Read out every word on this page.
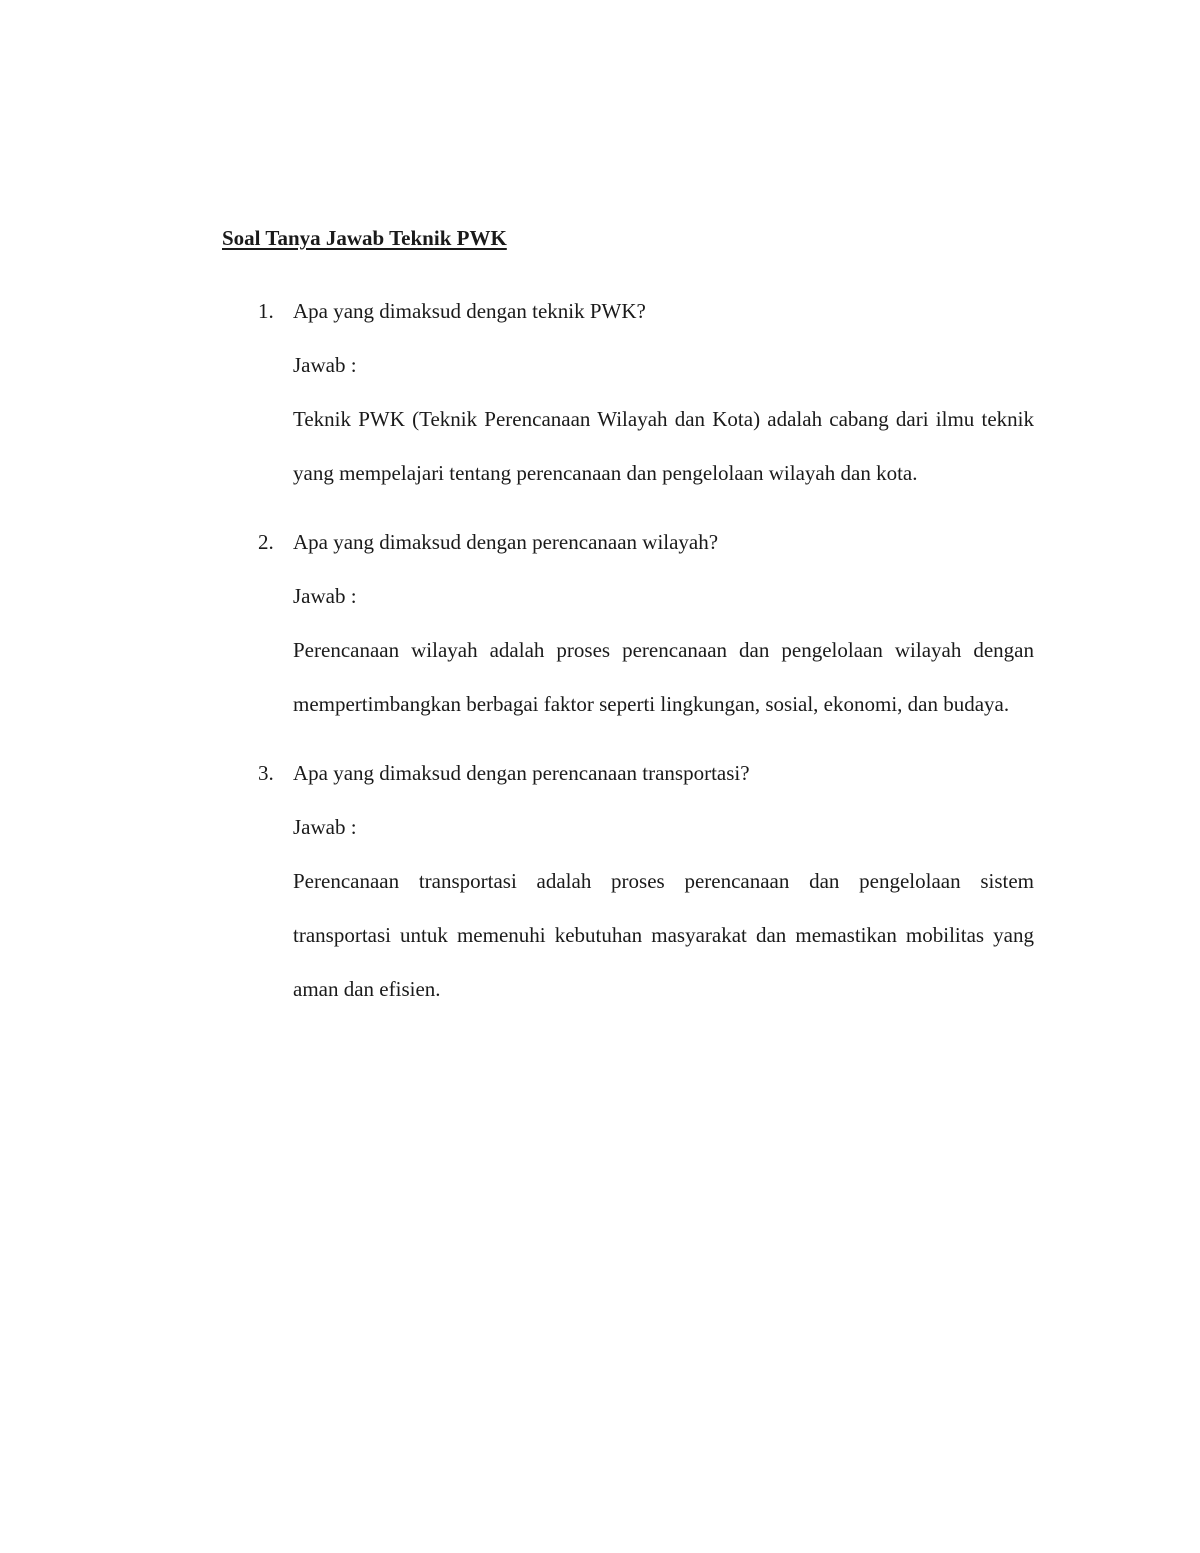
Soal Tanya Jawab Teknik PWK
1. Apa yang dimaksud dengan teknik PWK?

Jawab :

Teknik PWK (Teknik Perencanaan Wilayah dan Kota) adalah cabang dari ilmu teknik yang mempelajari tentang perencanaan dan pengelolaan wilayah dan kota.

2. Apa yang dimaksud dengan perencanaan wilayah?

Jawab :

Perencanaan wilayah adalah proses perencanaan dan pengelolaan wilayah dengan mempertimbangkan berbagai faktor seperti lingkungan, sosial, ekonomi, dan budaya.

3. Apa yang dimaksud dengan perencanaan transportasi?

Jawab :

Perencanaan transportasi adalah proses perencanaan dan pengelolaan sistem transportasi untuk memenuhi kebutuhan masyarakat dan memastikan mobilitas yang aman dan efisien.
